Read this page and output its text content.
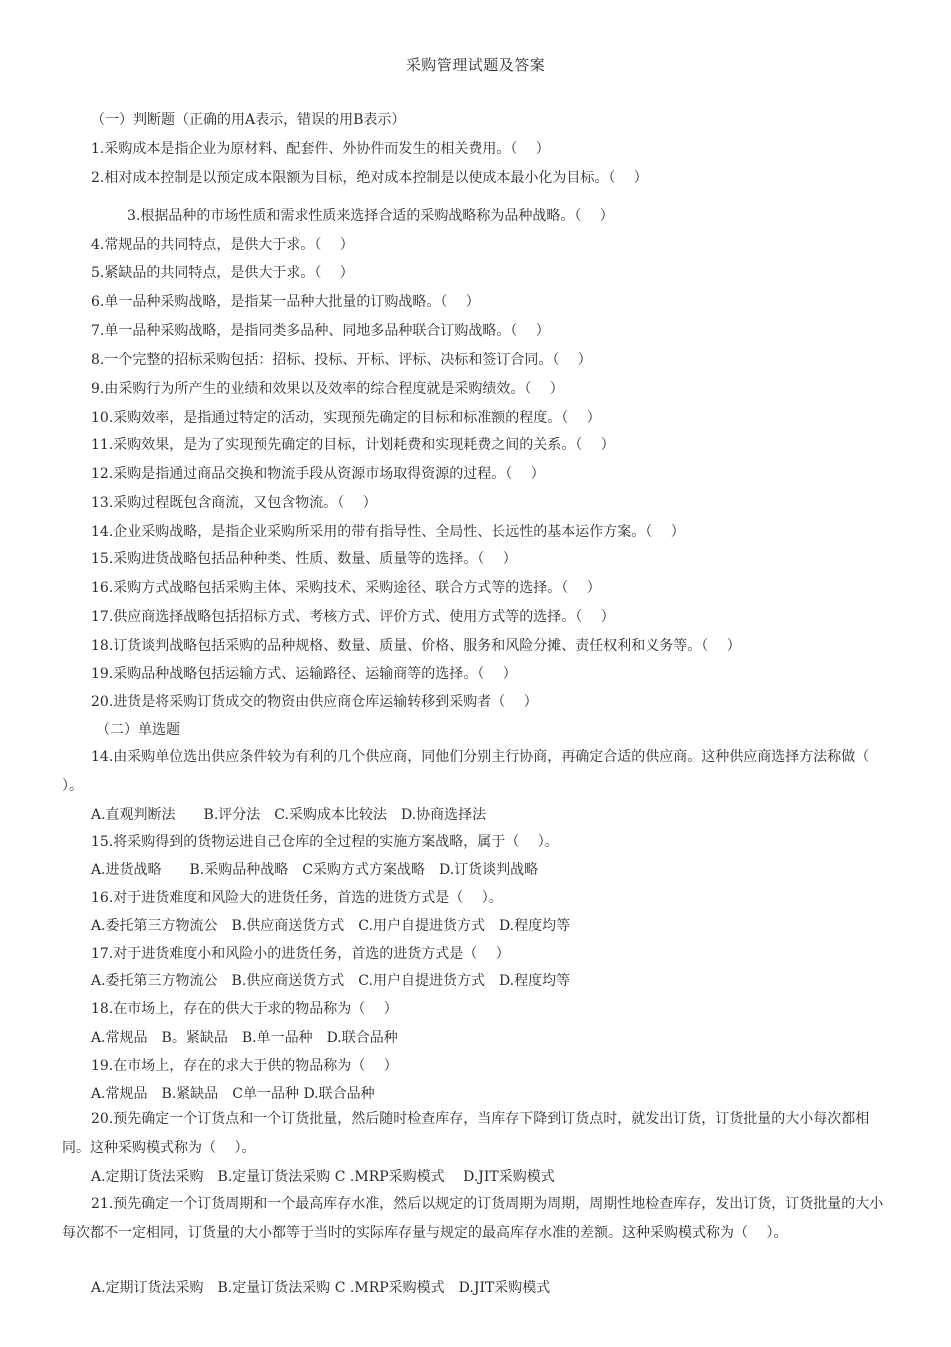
采购管理试题及答案
（一）判断题（正确的用A表示，错误的用B表示）
1.采购成本是指企业为原材料、配套件、外协件而发生的相关费用。（　 ）
2.相对成本控制是以预定成本限额为目标，绝对成本控制是以使成本最小化为目标。（　 ）
3.根据品种的市场性质和需求性质来选择合适的采购战略称为品种战略。（　 ）
4.常规品的共同特点，是供大于求。（　 ）
5.紧缺品的共同特点，是供大于求。（　 ）
6.单一品种采购战略，是指某一品种大批量的订购战略。（　 ）
7.单一品种采购战略，是指同类多品种、同地多品种联合订购战略。（　 ）
8.一个完整的招标采购包括：招标、投标、开标、评标、决标和签订合同。（　 ）
9.由采购行为所产生的业绩和效果以及效率的综合程度就是采购绩效。（　 ）
10.采购效率，是指通过特定的活动，实现预先确定的目标和标准额的程度。（　 ）
11.采购效果，是为了实现预先确定的目标，计划耗费和实现耗费之间的关系。（　 ）
12.采购是指通过商品交换和物流手段从资源市场取得资源的过程。（　 ）
13.采购过程既包含商流，又包含物流。（　 ）
14.企业采购战略，是指企业采购所采用的带有指导性、全局性、长远性的基本运作方案。（　 ）
15.采购进货战略包括品种种类、性质、数量、质量等的选择。（　 ）
16.采购方式战略包括采购主体、采购技术、采购途径、联合方式等的选择。（　 ）
17.供应商选择战略包括招标方式、考核方式、评价方式、使用方式等的选择。（　 ）
18.订货谈判战略包括采购的品种规格、数量、质量、价格、服务和风险分摊、责任权利和义务等。（　 ）
19.采购品种战略包括运输方式、运输路径、运输商等的选择。（　 ）
20.进货是将采购订货成交的物资由供应商仓库运输转移到采购者（　 ）
（二）单选题
14.由采购单位选出供应条件较为有利的几个供应商，同他们分别主行协商，再确定合适的供应商。这种供应商选择方法称做（　 ）。
A.直观判断法　　B.评分法　C.采购成本比较法　D.协商选择法
15.将采购得到的货物运进自己仓库的全过程的实施方案战略，属于（　 ）。
A.进货战略　　B.采购品种战略　C采购方式方案战略　D.订货谈判战略
16.对于进货难度和风险大的进货任务，首选的进货方式是（　 ）。
A.委托第三方物流公　B.供应商送货方式　C.用户自提进货方式　D.程度均等
17.对于进货难度小和风险小的进货任务，首选的进货方式是（　 ）
A.委托第三方物流公　B.供应商送货方式　C.用户自提进货方式　D.程度均等
18.在市场上，存在的供大于求的物品称为（　 ）
A.常规品　B。紧缺品　B.单一品种　D.联合品种
19.在市场上，存在的求大于供的物品称为（　 ）
A.常规品　B.紧缺品　C单一品种 D.联合品种
20.预先确定一个订货点和一个订货批量，然后随时检查库存，当库存下降到订货点时，就发出订货，订货批量的大小每次都相同。这种采购模式称为（　 ）。
A.定期订货法采购　B.定量订货法采购 C .MRP采购模式　 D.JIT采购模式
21.预先确定一个订货周期和一个最高库存水准，然后以规定的订货周期为周期，周期性地检查库存，发出订货，订货批量的大小每次都不一定相同，订货量的大小都等于当时的实际库存量与规定的最高库存水准的差额。这种采购模式称为（　 ）。
A.定期订货法采购　B.定量订货法采购 C .MRP采购模式　D.JIT采购模式
